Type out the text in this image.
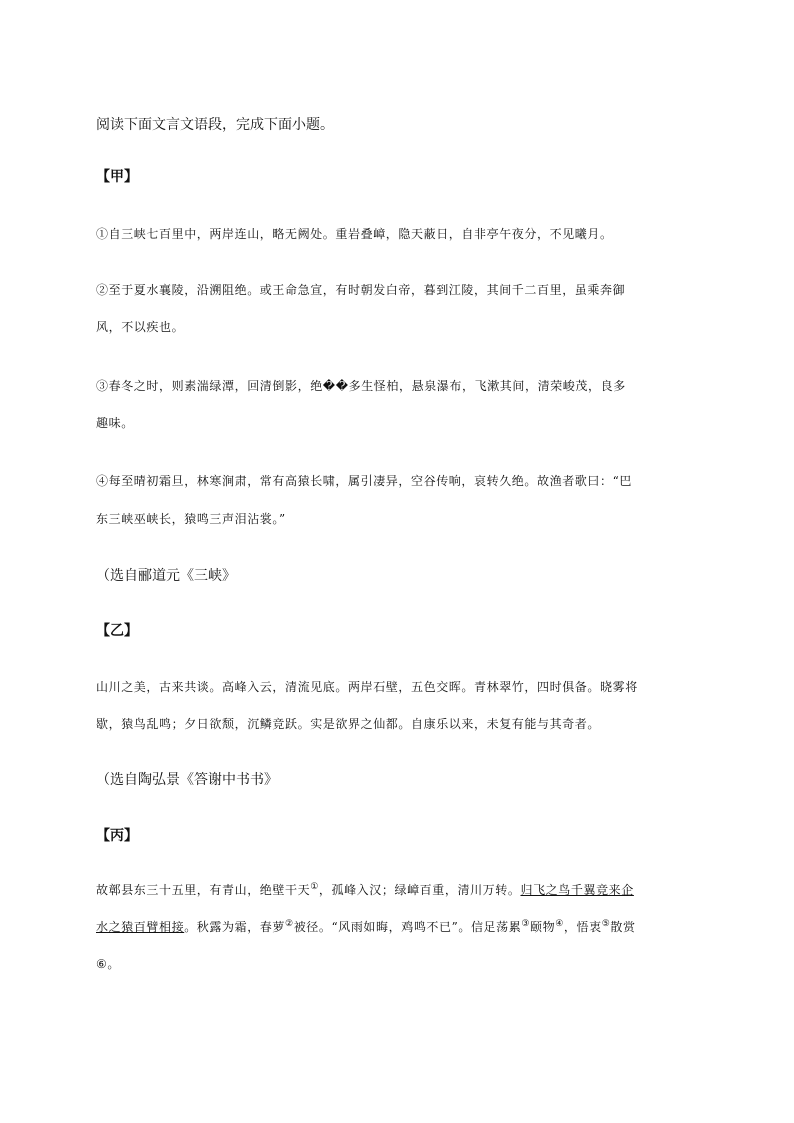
阅读下面文言文语段，完成下面小题。
【甲】
①自三峡七百里中，两岸连山，略无阙处。重岩叠嶂，隐天蔽日，自非亭午夜分，不见曦月。
②至于夏水襄陵，沿溯阻绝。或王命急宣，有时朝发白帝，暮到江陵，其间千二百里，虽乘奔御
风，不以疾也。
③春冬之时，则素湍绿潭，回清倒影，绝��多生怪柏，悬泉瀑布，飞漱其间，清荣峻茂，良多
趣味。
④每至晴初霜旦，林寒涧肃，常有高猿长啸，属引凄异，空谷传响，哀转久绝。故渔者歌曰：“巴
东三峡巫峡长，猿鸣三声泪沾裳。”
（选自郦道元《三峡》
【乙】
山川之美，古来共谈。高峰入云，清流见底。两岸石壁，五色交晖。青林翠竹，四时俱备。晓雾将
歇，猿鸟乱鸣；夕日欲颓，沉鳞竞跃。实是欲界之仙都。自康乐以来，未复有能与其奇者。
（选自陶弘景《答谢中书书》
【丙】
故鄣县东三十五里，有青山，绝壁干天①，孤峰入汉；绿嶂百重，清川万转。归飞之鸟千翼竞来企
水之猿百臂相接。秋露为霜，春萝②被径。“风雨如晦，鸡鸣不已”。信足荡累③颐物④，悟衷⑤散赏
⑥。
